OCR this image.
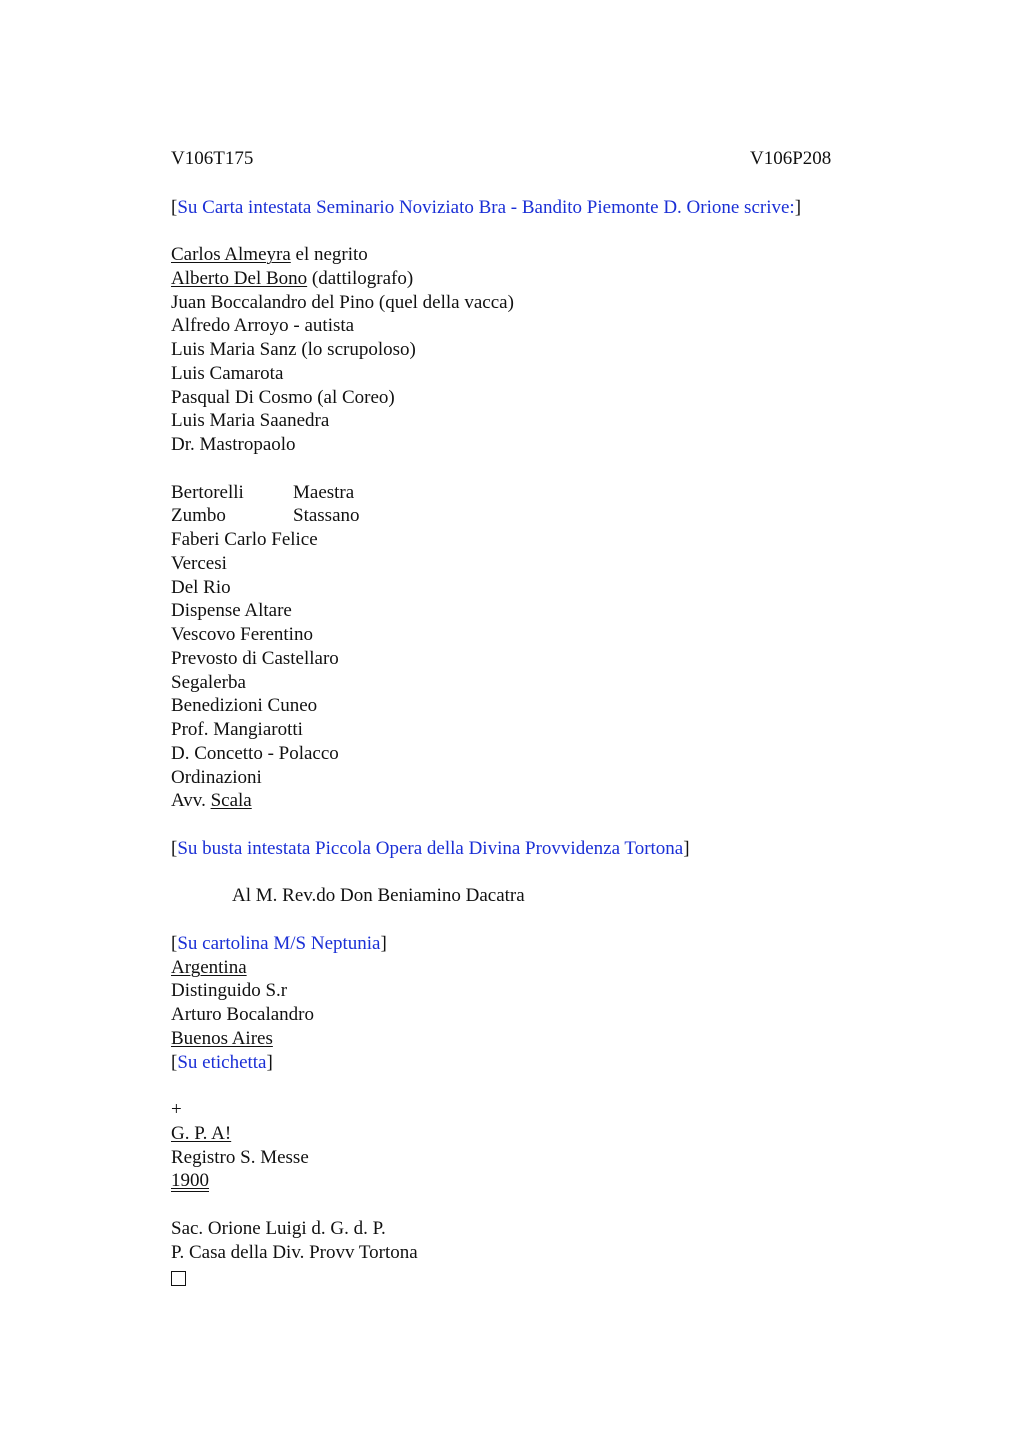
V106T175	V106P208
[Su Carta intestata Seminario Noviziato Bra - Bandito Piemonte D. Orione scrive:]
Carlos Almeyra el negrito
Alberto Del Bono (dattilografo)
Juan Boccalandro del Pino (quel della vacca)
Alfredo Arroyo - autista
Luis Maria Sanz (lo scrupoloso)
Luis Camarota
Pasqual Di Cosmo (al Coreo)
Luis Maria Saanedra
Dr. Mastropaolo
Bertorelli	Maestra
Zumbo	Stassano
Faberi Carlo Felice
Vercesi
Del Rio
Dispense Altare
Vescovo Ferentino
Prevosto di Castellaro
Segalerba
Benedizioni Cuneo
Prof. Mangiarotti
D. Concetto - Polacco
Ordinazioni
Avv. Scala
[Su busta intestata Piccola Opera della Divina Provvidenza Tortona]
Al M. Rev.do Don Beniamino Dacatra
[Su cartolina M/S Neptunia]
Argentina
Distinguido S.r
Arturo Bocalandro
Buenos Aires
[Su etichetta]
+
G. P. A!
Registro S. Messe
1900
Sac. Orione Luigi d. G. d. P.
P. Casa della Div. Provv Tortona
